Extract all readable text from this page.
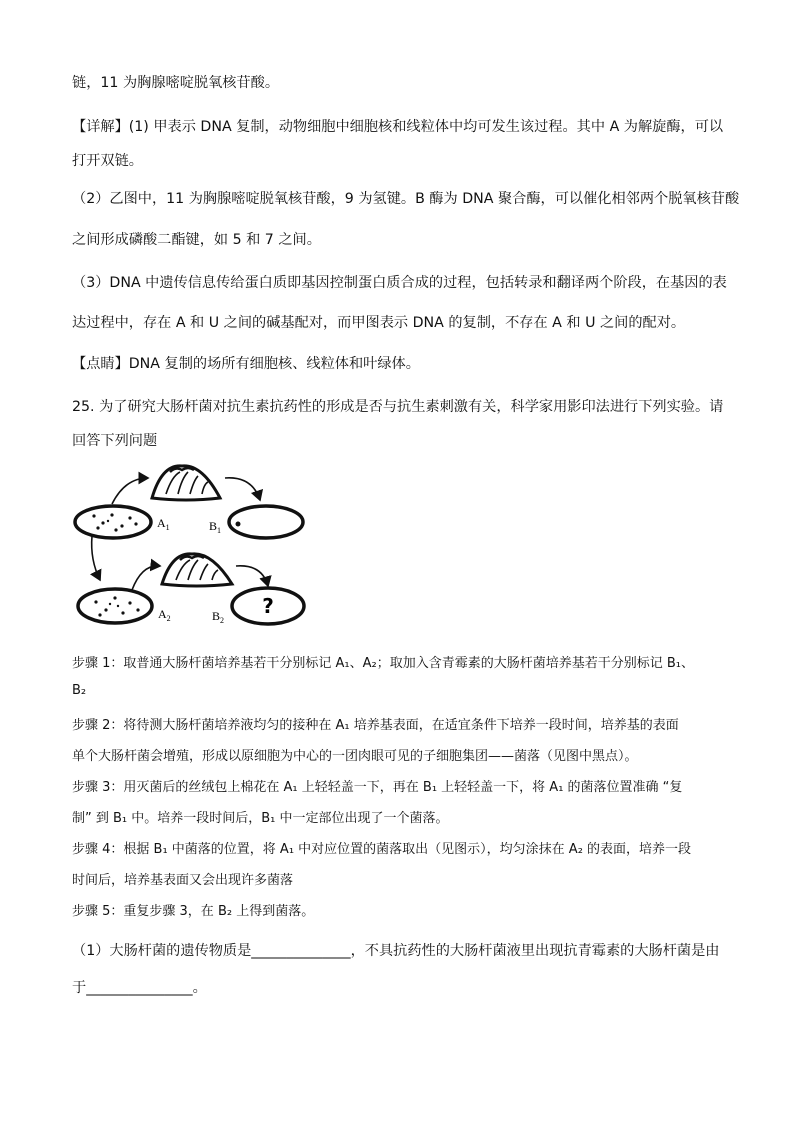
链，11 为胸腺嘧啶脱氧核苷酸。
【详解】(1) 甲表示 DNA 复制，动物细胞中细胞核和线粒体中均可发生该过程。其中 A 为解旋酶，可以
打开双链。
（2）乙图中，11 为胸腺嘧啶脱氧核苷酸，9 为氢键。B 酶为 DNA 聚合酶，可以催化相邻两个脱氧核苷酸
之间形成磷酸二酯键，如 5 和 7 之间。
（3）DNA 中遗传信息传给蛋白质即基因控制蛋白质合成的过程，包括转录和翻译两个阶段，在基因的表
达过程中，存在 A 和 U 之间的碱基配对，而甲图表示 DNA 的复制，不存在 A 和 U 之间的配对。
【点睛】DNA 复制的场所有细胞核、线粒体和叶绿体。
25. 为了研究大肠杆菌对抗生素抗药性的形成是否与抗生素刺激有关，科学家用影印法进行下列实验。请
回答下列问题
$A_1$	$B_1$
$A_2$	$B_2$
?
步骤 1：取普通大肠杆菌培养基若干分别标记 A₁、A₂；取加入含青霉素的大肠杆菌培养基若干分别标记 B₁、
B₂
步骤 2：将待测大肠杆菌培养液均匀的接种在 A₁ 培养基表面，在适宜条件下培养一段时间，培养基的表面
单个大肠杆菌会增殖，形成以原细胞为中心的一团肉眼可见的子细胞集团——菌落（见图中黑点）。
步骤 3：用灭菌后的丝绒包上棉花在 A₁ 上轻轻盖一下，再在 B₁ 上轻轻盖一下，将 A₁ 的菌落位置准确 “复
制” 到 B₁ 中。培养一段时间后，B₁ 中一定部位出现了一个菌落。
步骤 4：根据 B₁ 中菌落的位置，将 A₁ 中对应位置的菌落取出（见图示），均匀涂抹在 A₂ 的表面，培养一段
时间后，培养基表面又会出现许多菌落
步骤 5：重复步骤 3，在 B₂ 上得到菌落。
（1）大肠杆菌的遗传物质是______________，不具抗药性的大肠杆菌液里出现抗青霉素的大肠杆菌是由
于_______________。
